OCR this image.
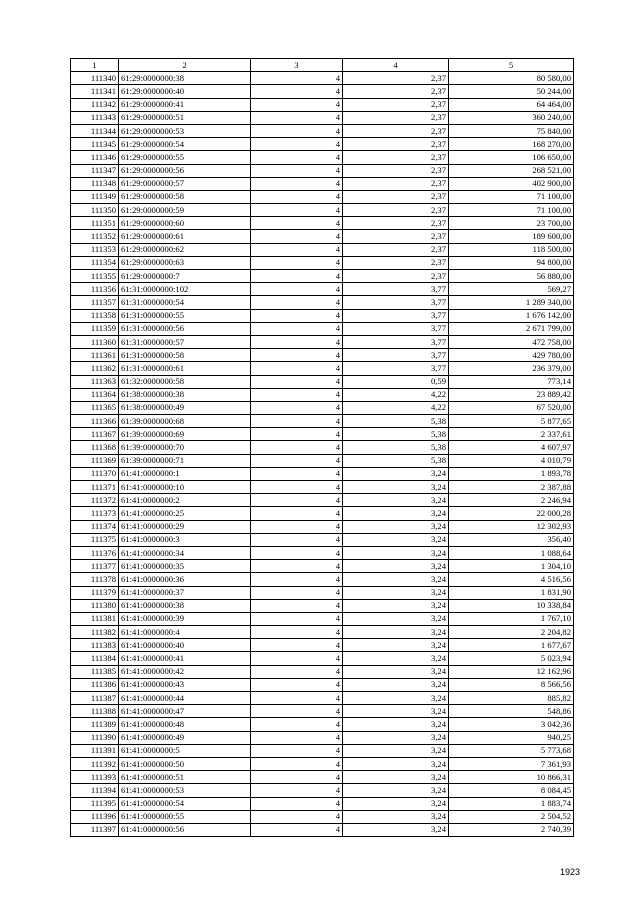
1	2	3	4	5
111340	61:29:0000000:38	4	2,37	80 580,00
111341	61:29:0000000:40	4	2,37	50 244,00
111342	61:29:0000000:41	4	2,37	64 464,00
111343	61:29:0000000:51	4	2,37	360 240,00
111344	61:29:0000000:53	4	2,37	75 840,00
111345	61:29:0000000:54	4	2,37	168 270,00
111346	61:29:0000000:55	4	2,37	106 650,00
111347	61:29:0000000:56	4	2,37	268 521,00
111348	61:29:0000000:57	4	2,37	402 900,00
111349	61:29:0000000:58	4	2,37	71 100,00
111350	61:29:0000000:59	4	2,37	71 100,00
111351	61:29:0000000:60	4	2,37	23 700,00
111352	61:29:0000000:61	4	2,37	189 600,00
111353	61:29:0000000:62	4	2,37	118 500,00
111354	61:29:0000000:63	4	2,37	94 800,00
111355	61:29:0000000:7	4	2,37	56 880,00
111356	61:31:0000000:102	4	3,77	569,27
111357	61:31:0000000:54	4	3,77	1 289 340,00
111358	61:31:0000000:55	4	3,77	1 676 142,00
111359	61:31:0000000:56	4	3,77	2 671 799,00
111360	61:31:0000000:57	4	3,77	472 758,00
111361	61:31:0000000:58	4	3,77	429 780,00
111362	61:31:0000000:61	4	3,77	236 379,00
111363	61:32:0000000:58	4	0,59	773,14
111364	61:38:0000000:38	4	4,22	23 889,42
111365	61:38:0000000:49	4	4,22	67 520,00
111366	61:39:0000000:68	4	5,38	5 877,65
111367	61:39:0000000:69	4	5,38	2 337,61
111368	61:39:0000000:70	4	5,38	4 607,97
111369	61:39:0000000:71	4	5,38	4 010,79
111370	61:41:0000000:1	4	3,24	1 893,78
111371	61:41:0000000:10	4	3,24	2 387,88
111372	61:41:0000000:2	4	3,24	2 246,94
111373	61:41:0000000:25	4	3,24	22 000,28
111374	61:41:0000000:29	4	3,24	12 302,93
111375	61:41:0000000:3	4	3,24	356,40
111376	61:41:0000000:34	4	3,24	1 088,64
111377	61:41:0000000:35	4	3,24	1 304,10
111378	61:41:0000000:36	4	3,24	4 516,56
111379	61:41:0000000:37	4	3,24	1 831,90
111380	61:41:0000000:38	4	3,24	10 338,84
111381	61:41:0000000:39	4	3,24	1 767,10
111382	61:41:0000000:4	4	3,24	2 204,82
111383	61:41:0000000:40	4	3,24	1 677,67
111384	61:41:0000000:41	4	3,24	5 023,94
111385	61:41:0000000:42	4	3,24	12 162,96
111386	61:41:0000000:43	4	3,24	8 566,56
111387	61:41:0000000:44	4	3,24	885,82
111388	61:41:0000000:47	4	3,24	548,86
111389	61:41:0000000:48	4	3,24	3 042,36
111390	61:41:0000000:49	4	3,24	940,25
111391	61:41:0000000:5	4	3,24	5 773,68
111392	61:41:0000000:50	4	3,24	7 361,93
111393	61:41:0000000:51	4	3,24	10 866,31
111394	61:41:0000000:53	4	3,24	8 084,45
111395	61:41:0000000:54	4	3,24	1 883,74
111396	61:41:0000000:55	4	3,24	2 504,52
111397	61:41:0000000:56	4	3,24	2 740,39
1923
